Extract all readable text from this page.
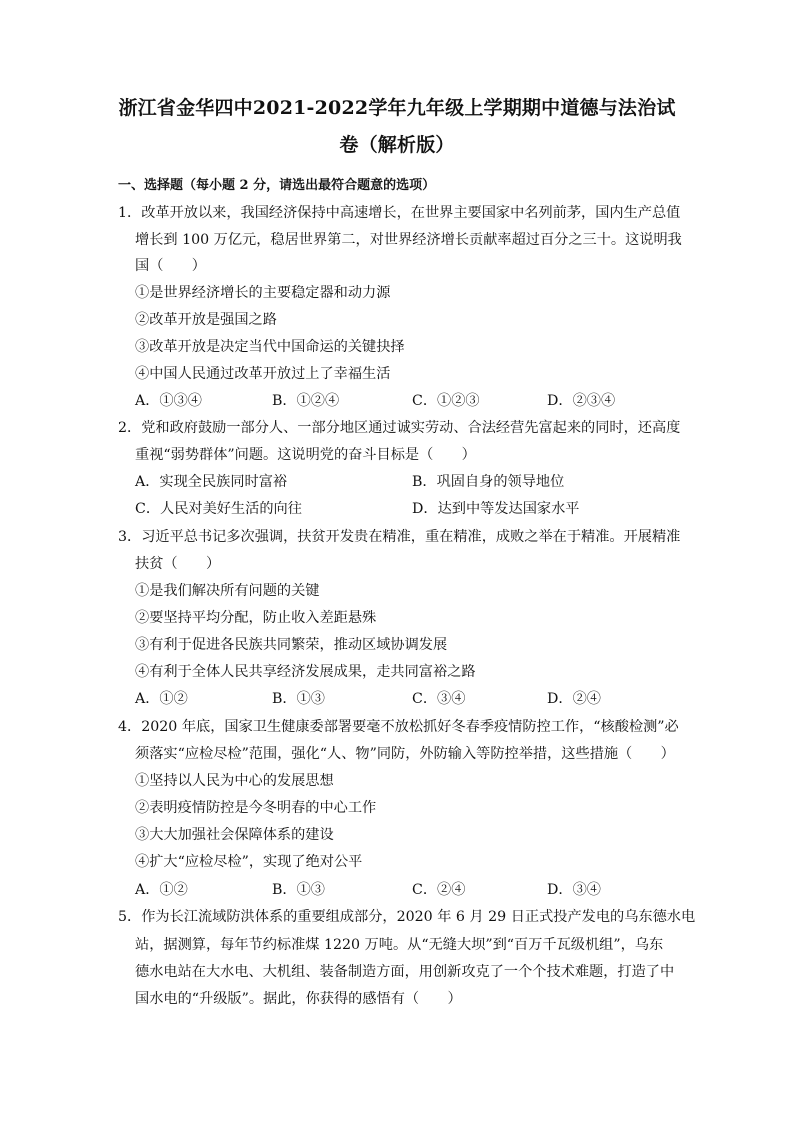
浙江省金华四中2021-2022学年九年级上学期期中道德与法治试
卷（解析版）
一、选择题（每小题 2 分，请选出最符合题意的选项）
1．改革开放以来，我国经济保持中高速增长，在世界主要国家中名列前茅，国内生产总值
增长到 100 万亿元，稳居世界第二，对世界经济增长贡献率超过百分之三十。这说明我
国（　　）
①是世界经济增长的主要稳定器和动力源
②改革开放是强国之路
③改革开放是决定当代中国命运的关键抉择
④中国人民通过改革开放过上了幸福生活
A．①③④	B．①②④	C．①②③	D．②③④
2．党和政府鼓励一部分人、一部分地区通过诚实劳动、合法经营先富起来的同时，还高度
重视“弱势群体”问题。这说明党的奋斗目标是（　　）
A．实现全民族同时富裕	B．巩固自身的领导地位
C．人民对美好生活的向往	D．达到中等发达国家水平
3．习近平总书记多次强调，扶贫开发贵在精准，重在精准，成败之举在于精准。开展精准
扶贫（　　）
①是我们解决所有问题的关键
②要坚持平均分配，防止收入差距悬殊
③有利于促进各民族共同繁荣，推动区域协调发展
④有利于全体人民共享经济发展成果，走共同富裕之路
A．①②	B．①③	C．③④	D．②④
4．2020 年底，国家卫生健康委部署要毫不放松抓好冬春季疫情防控工作，“核酸检测”必
须落实“应检尽检”范围，强化“人、物”同防，外防输入等防控举措，这些措施（　　）
①坚持以人民为中心的发展思想
②表明疫情防控是今冬明春的中心工作
③大大加强社会保障体系的建设
④扩大“应检尽检”，实现了绝对公平
A．①②	B．①③	C．②④	D．③④
5．作为长江流域防洪体系的重要组成部分，2020 年 6 月 29 日正式投产发电的乌东德水电
站，据测算，每年节约标准煤 1220 万吨。从“无缝大坝”到“百万千瓦级机组”，乌东
德水电站在大水电、大机组、装备制造方面，用创新攻克了一个个技术难题，打造了中
国水电的“升级版”。据此，你获得的感悟有（　　）
